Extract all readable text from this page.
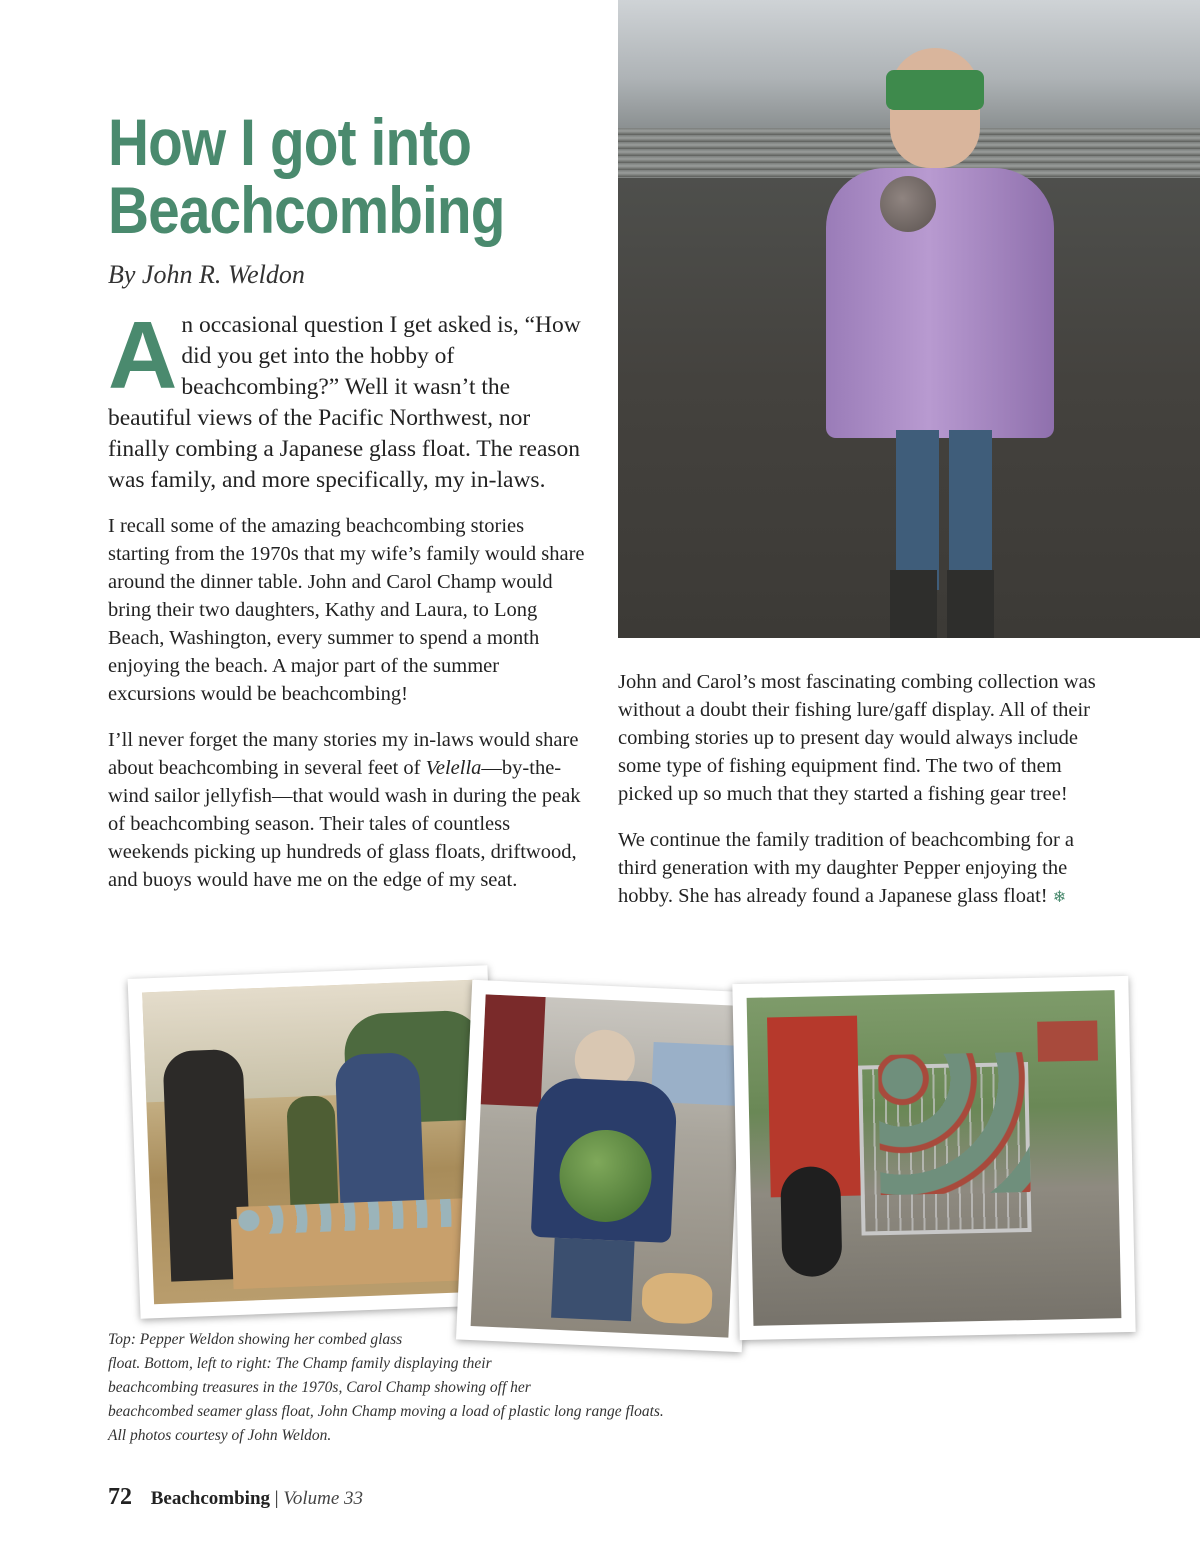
How I got into
Beachcombing
By John R. Weldon

An occasional question I get asked is, “How did you get into the hobby of beachcombing?” Well it wasn’t the beautiful views of the Pacific Northwest, nor finally combing a Japanese glass float. The reason was family, and more specifically, my in-laws.

I recall some of the amazing beachcombing stories starting from the 1970s that my wife’s family would share around the dinner table. John and Carol Champ would bring their two daughters, Kathy and Laura, to Long Beach, Washington, every summer to spend a month enjoying the beach. A major part of the summer excursions would be beachcombing!

I’ll never forget the many stories my in-laws would share about beachcombing in several feet of Velella—by-the-wind sailor jellyfish—that would wash in during the peak of beachcombing season. Their tales of countless weekends picking up hundreds of glass floats, driftwood, and buoys would have me on the edge of my seat.

John and Carol’s most fascinating combing collection was without a doubt their fishing lure/gaff display. All of their combing stories up to present day would always include some type of fishing equipment find. The two of them picked up so much that they started a fishing gear tree!

We continue the family tradition of beachcombing for a third generation with my daughter Pepper enjoying the hobby. She has already found a Japanese glass float! ❄

Top: Pepper Weldon showing her combed glass
float. Bottom, left to right: The Champ family displaying their
beachcombing treasures in the 1970s, Carol Champ showing off her
beachcombed seamer glass float, John Champ moving a load of plastic long range floats.
All photos courtesy of John Weldon.
72 Beachcombing | Volume 33
